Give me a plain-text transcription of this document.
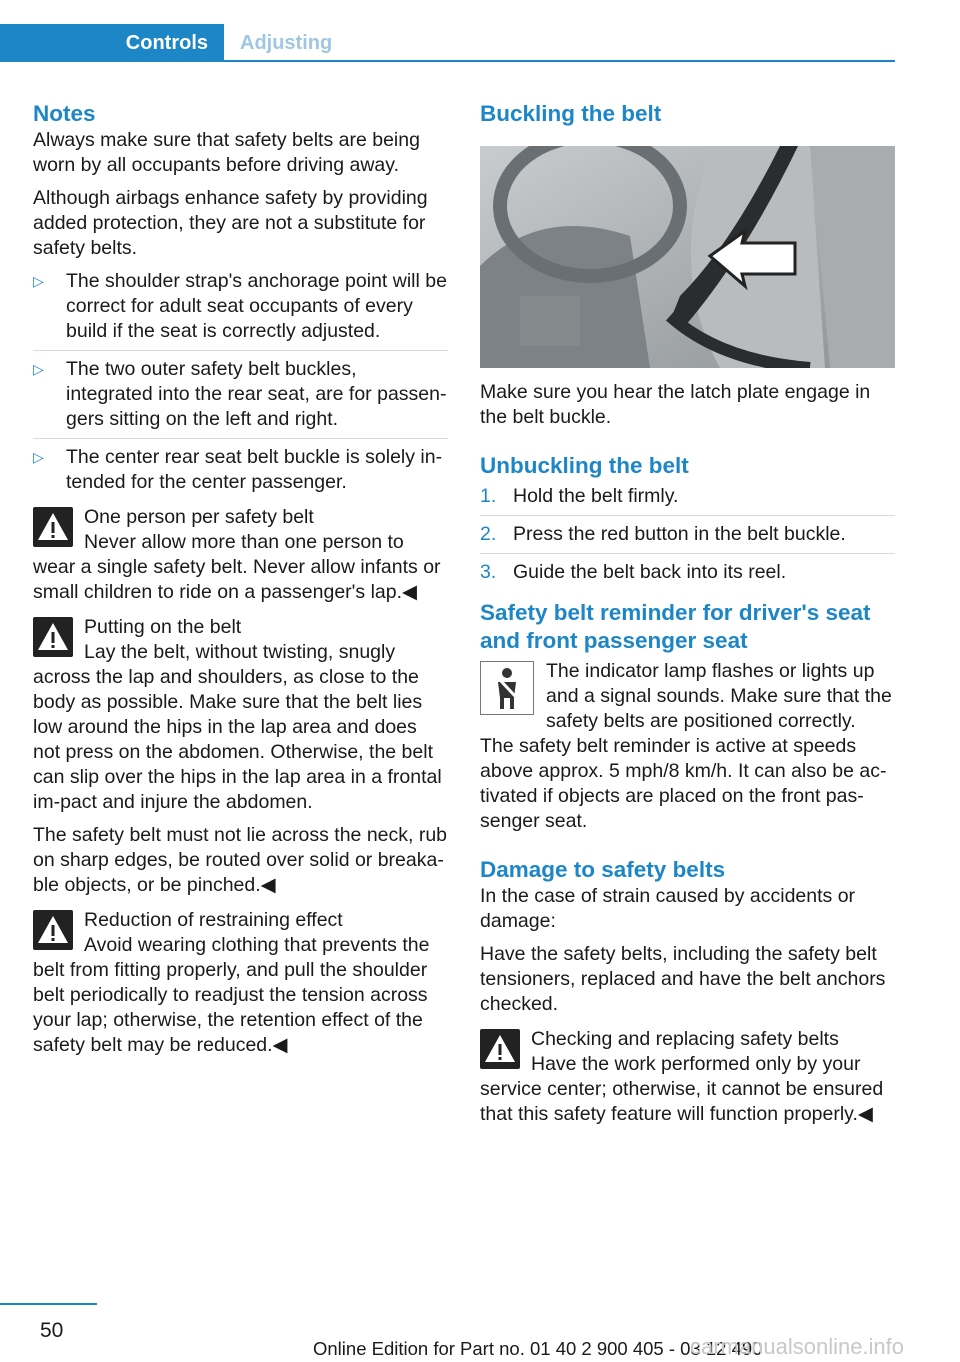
Controls	Adjusting
Notes

Always make sure that safety belts are being worn by all occupants before driving away.

Although airbags enhance safety by providing added protection, they are not a substitute for safety belts.

▷ The shoulder strap's anchorage point will be correct for adult seat occupants of every build if the seat is correctly adjusted.
▷ The two outer safety belt buckles, integrated into the rear seat, are for passen‐gers sitting on the left and right.
▷ The center rear seat belt buckle is solely in‐tended for the center passenger.

One person per safety belt

Never allow more than one person to wear a single safety belt. Never allow infants or small children to ride on a passenger's lap.◀

Putting on the belt

Lay the belt, without twisting, snugly across the lap and shoulders, as close to the body as possible. Make sure that the belt lies low around the hips in the lap area and does not press on the abdomen. Otherwise, the belt can slip over the hips in the lap area in a frontal im‐pact and injure the abdomen.

The safety belt must not lie across the neck, rub on sharp edges, be routed over solid or breaka‐ble objects, or be pinched.◀

Reduction of restraining effect

Avoid wearing clothing that prevents the belt from fitting properly, and pull the shoulder belt periodically to readjust the tension across your lap; otherwise, the retention effect of the safety belt may be reduced.◀

Buckling the belt

Make sure you hear the latch plate engage in the belt buckle.

Unbuckling the belt
1. Hold the belt firmly.
2. Press the red button in the belt buckle.
3. Guide the belt back into its reel.
Safety belt reminder for driver's seat and front passenger seat

The indicator lamp flashes or lights up and a signal sounds. Make sure that the safety belts are positioned correctly.

The safety belt reminder is active at speeds above approx. 5 mph/8 km/h. It can also be ac‐tivated if objects are placed on the front pas‐senger seat.

Damage to safety belts

In the case of strain caused by accidents or damage:

Have the safety belts, including the safety belt tensioners, replaced and have the belt anchors checked.

Checking and replacing safety belts

Have the work performed only by your service center; otherwise, it cannot be ensured that this safety feature will function properly.◀

50
Online Edition for Part no. 01 40 2 900 405 - 03 12 490
carmanualsonline.info
